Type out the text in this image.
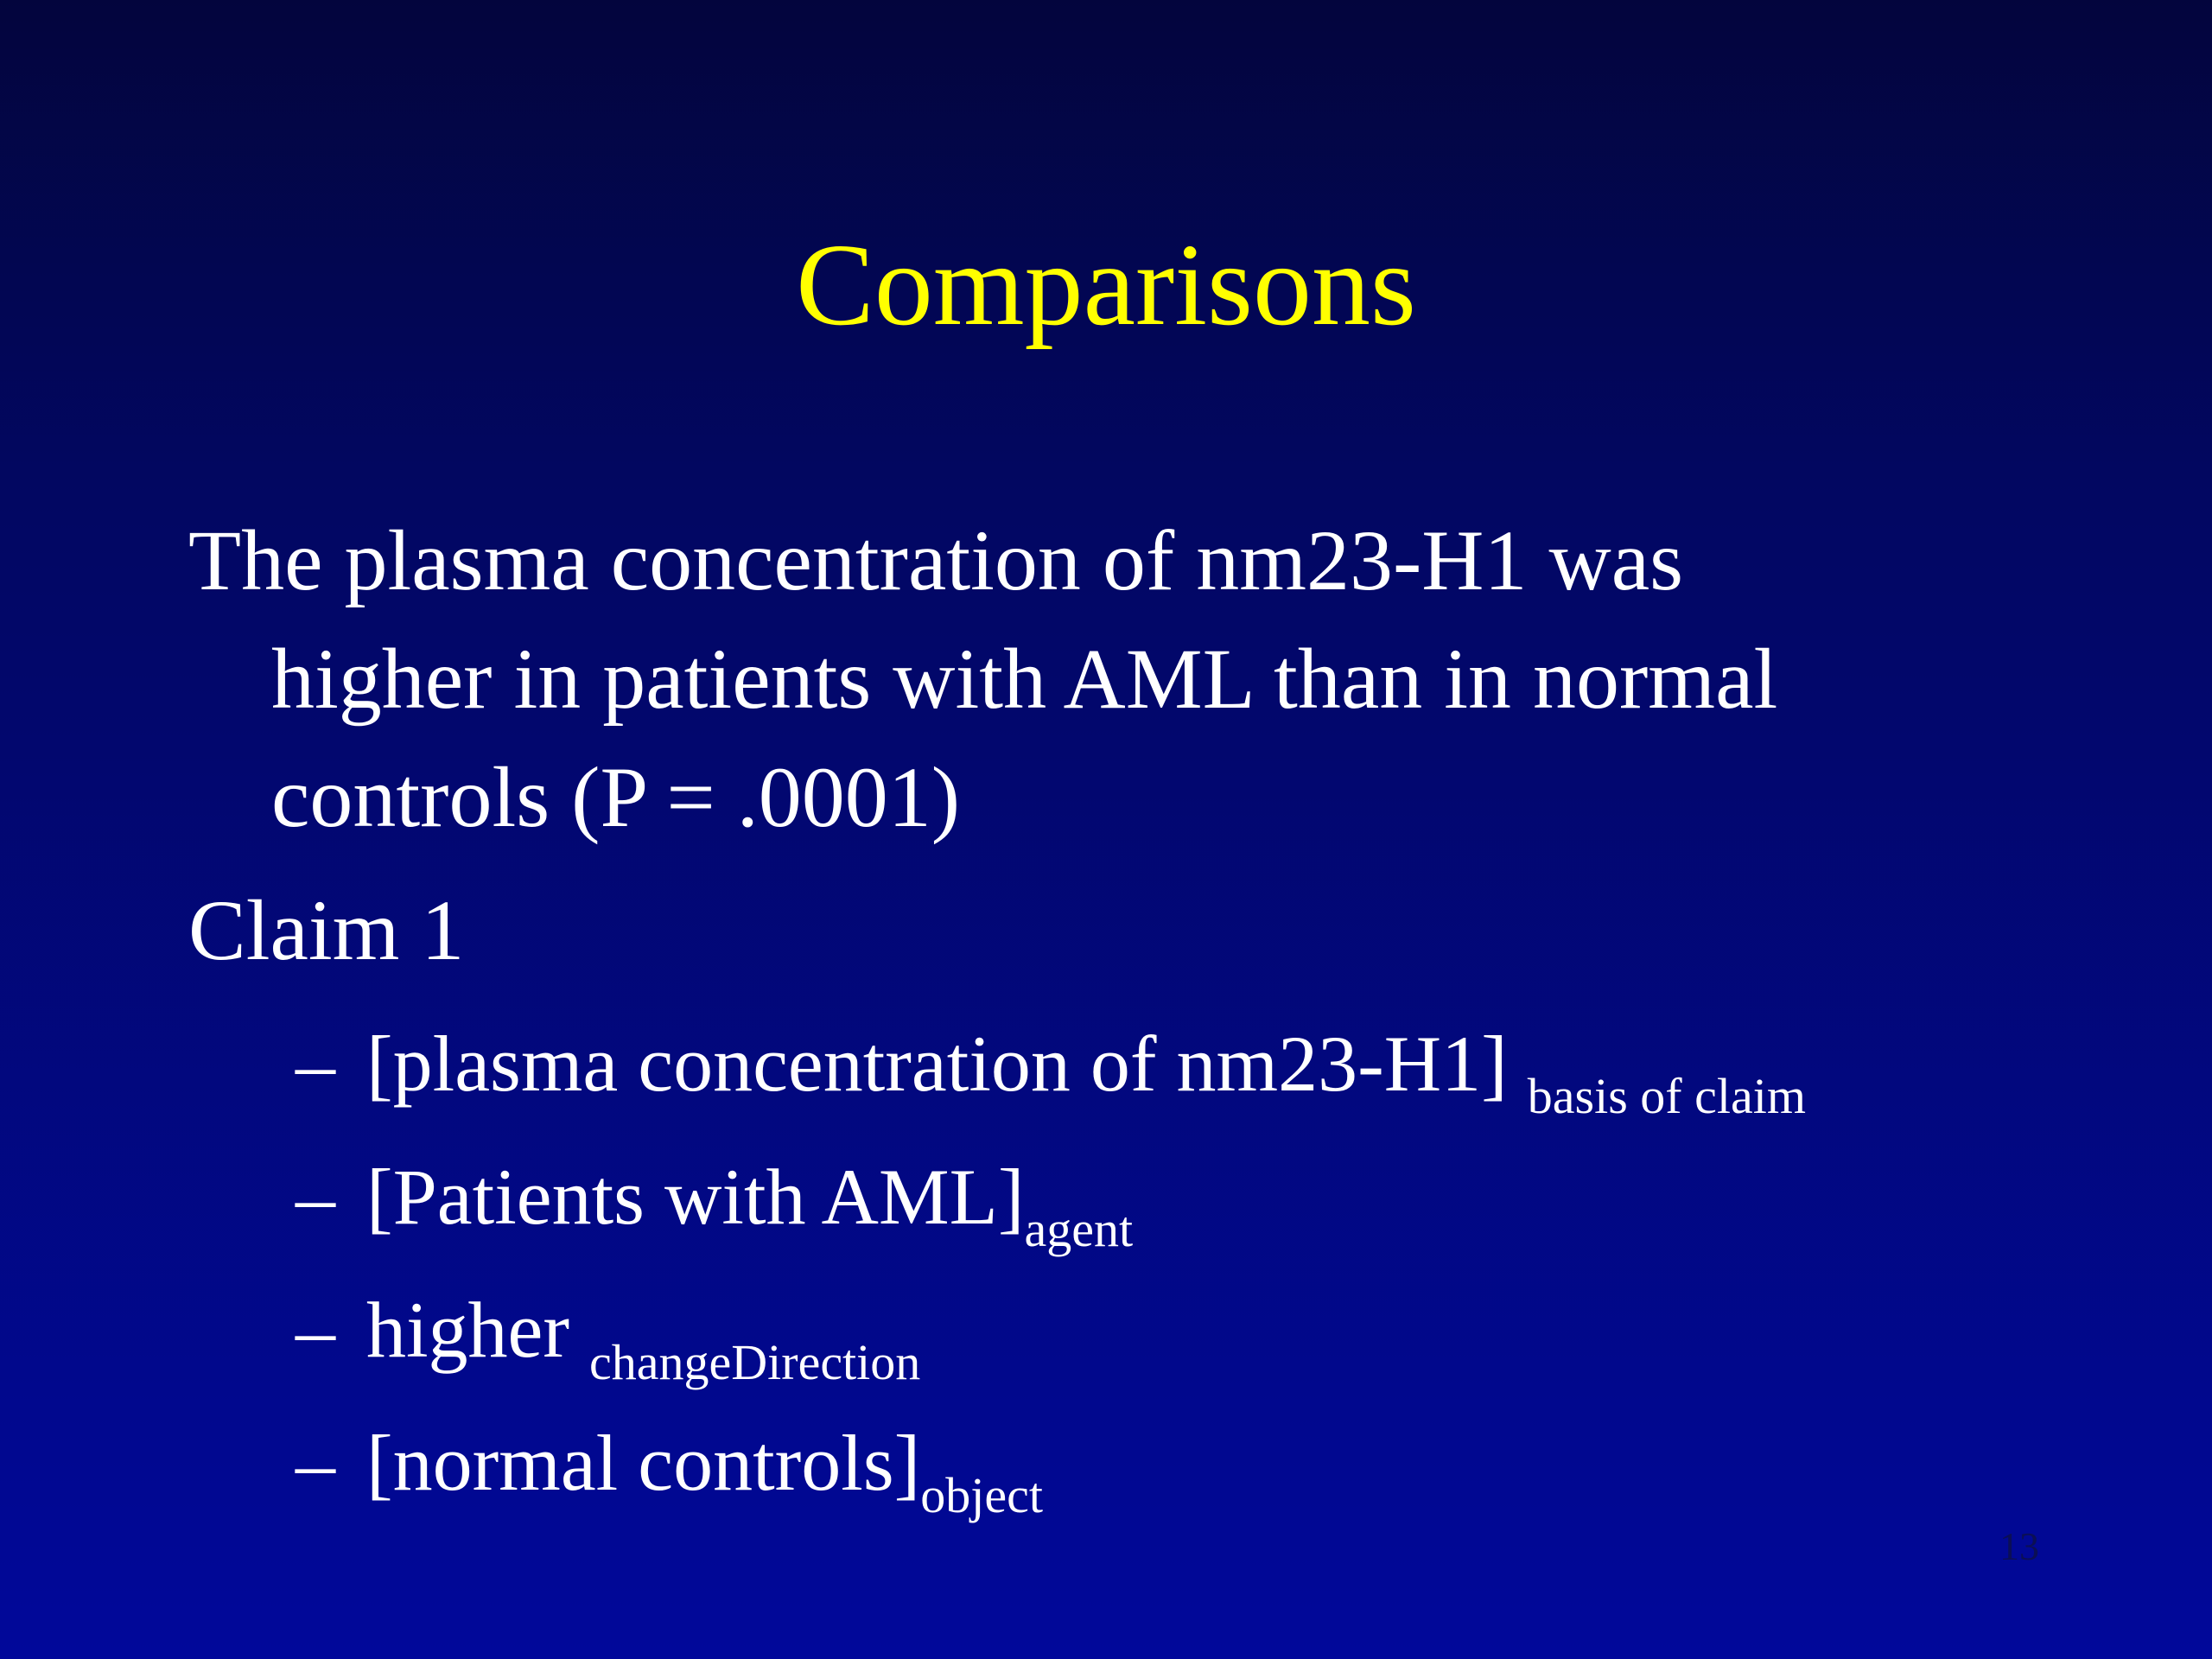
Comparisons
The plasma concentration of nm23-H1 was
higher in patients with AML than in normal
controls (P = .0001)
Claim 1
– [plasma concentration of nm23-H1] $_{basis of claim}$
– [Patients with $AML]_{agent}$
– higher $_{changeDirection}$
– [normal $controls]_{object}$
13
